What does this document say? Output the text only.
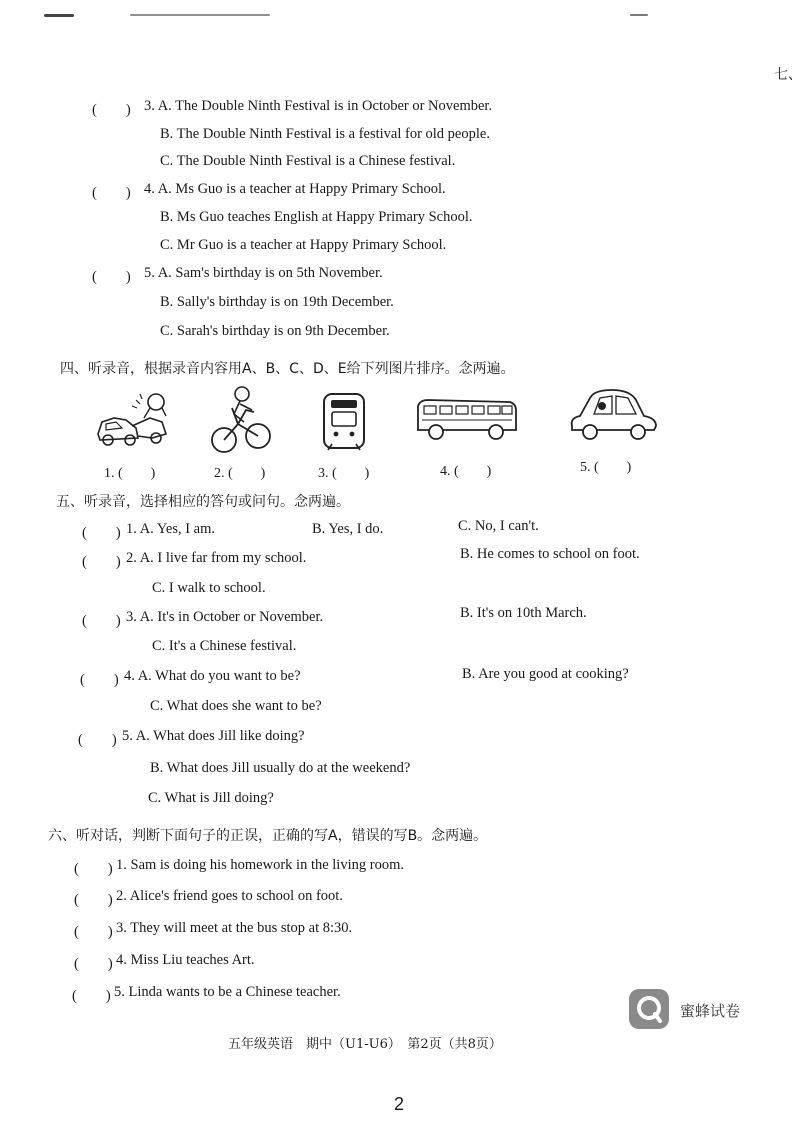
七、
(　　) 3. A. The Double Ninth Festival is in October or November.
B. The Double Ninth Festival is a festival for old people.
C. The Double Ninth Festival is a Chinese festival.
(　　) 4. A. Ms Guo is a teacher at Happy Primary School.
B. Ms Guo teaches English at Happy Primary School.
C. Mr Guo is a teacher at Happy Primary School.
(　　) 5. A. Sam's birthday is on 5th November.
B. Sally's birthday is on 19th December.
C. Sarah's birthday is on 9th December.
四、听录音，根据录音内容用A、B、C、D、E给下列图片排序。念两遍。
1. (　　)	2. (　　)	3. (　　)	4. (　　)	5. (　　)
五、听录音，选择相应的答句或问句。念两遍。
(　　) 1. A. Yes, I am.	B. Yes, I do.	C. No, I can't.
(　　) 2. A. I live far from my school.	B. He comes to school on foot.
C. I walk to school.
(　　) 3. A. It's in October or November.	B. It's on 10th March.
C. It's a Chinese festival.
(　　) 4. A. What do you want to be?	B. Are you good at cooking?
C. What does she want to be?
(　　) 5. A. What does Jill like doing?
B. What does Jill usually do at the weekend?
C. What is Jill doing?
六、听对话，判断下面句子的正误，正确的写A，错误的写B。念两遍。
(　　) 1. Sam is doing his homework in the living room.
(　　) 2. Alice's friend goes to school on foot.
(　　) 3. They will meet at the bus stop at 8:30.
(　　) 4. Miss Liu teaches Art.
(　　) 5. Linda wants to be a Chinese teacher.
蜜蜂试卷
五年级英语　期中（U1-U6）　第2页（共8页）
2
